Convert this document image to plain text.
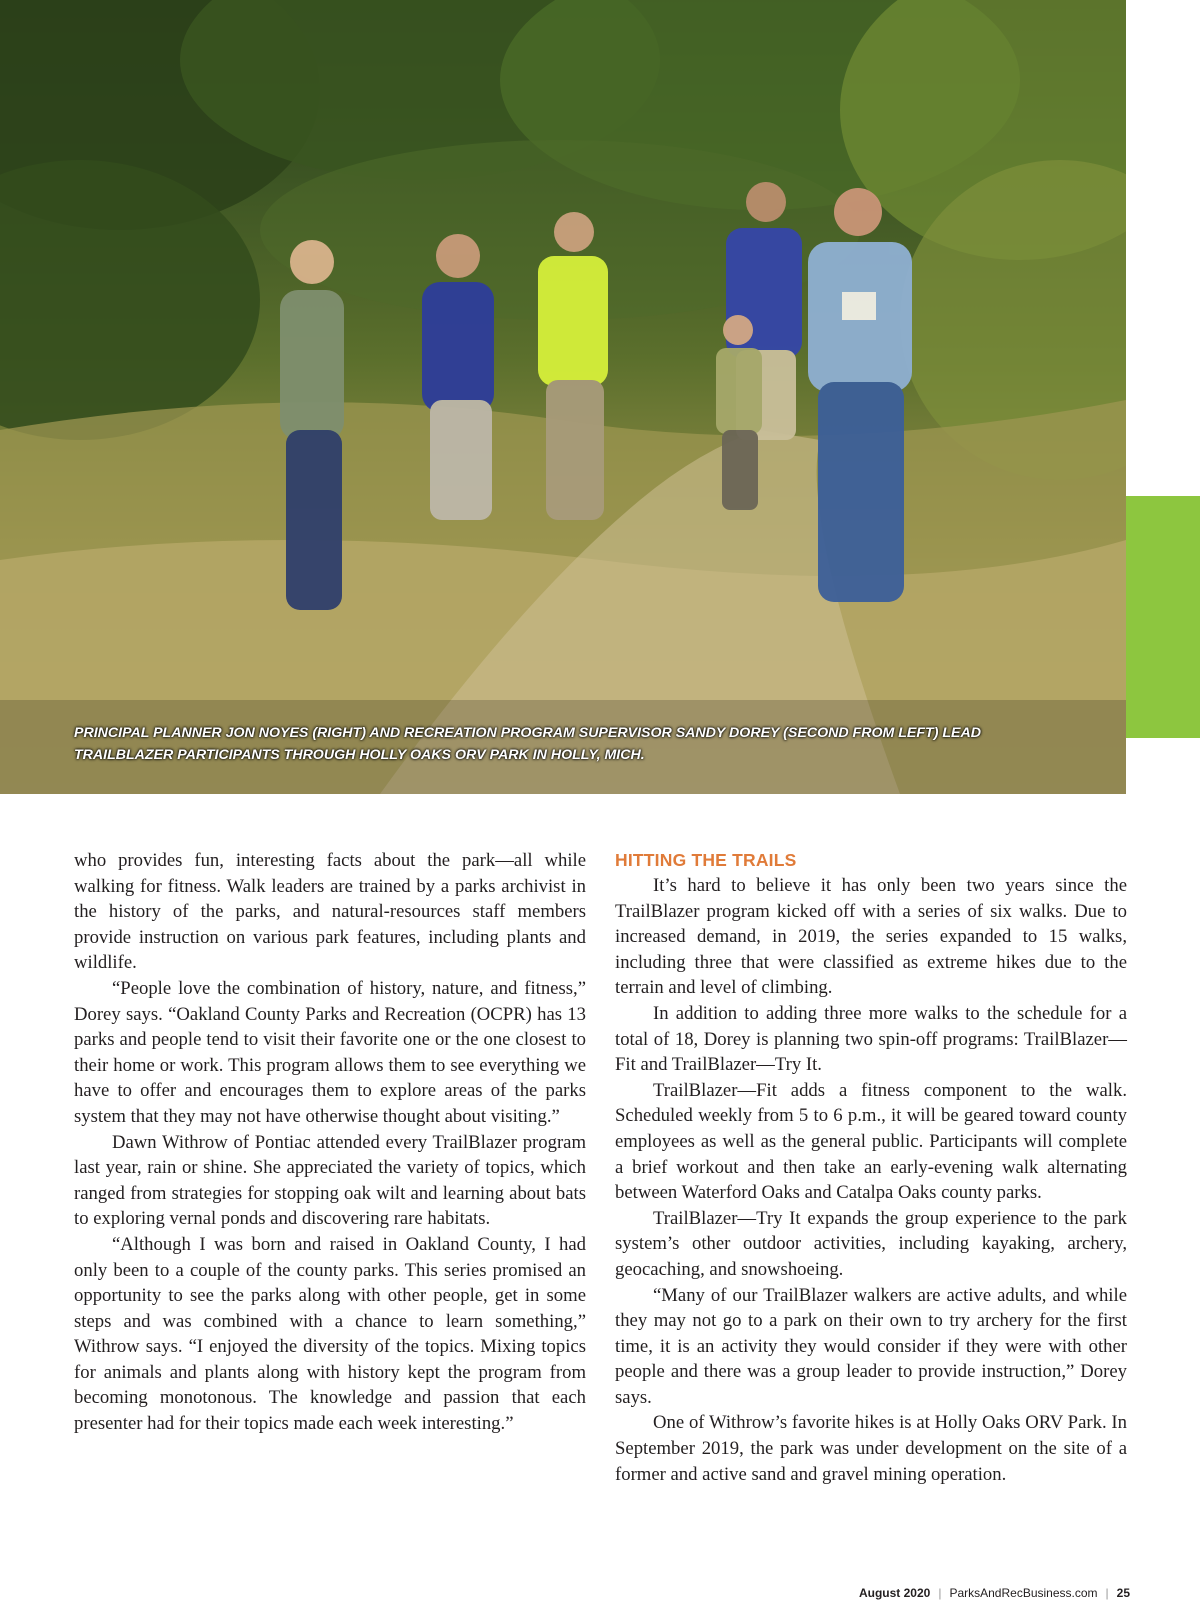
PRINCIPAL PLANNER JON NOYES (RIGHT) AND RECREATION PROGRAM SUPERVISOR SANDY DOREY (SECOND FROM LEFT) LEAD TRAILBLAZER PARTICIPANTS THROUGH HOLLY OAKS ORV PARK IN HOLLY, MICH.

who provides fun, interesting facts about the park—all while walking for fitness. Walk leaders are trained by a parks archivist in the history of the parks, and natural-resources staff members provide instruction on various park features, including plants and wildlife.

“People love the combination of history, nature, and fitness,” Dorey says. “Oakland County Parks and Recreation (OCPR) has 13 parks and people tend to visit their favorite one or the one closest to their home or work. This program allows them to see everything we have to offer and encourages them to explore areas of the parks system that they may not have otherwise thought about visiting.”

Dawn Withrow of Pontiac attended every TrailBlazer program last year, rain or shine. She appreciated the variety of topics, which ranged from strategies for stopping oak wilt and learning about bats to exploring vernal ponds and discovering rare habitats.

“Although I was born and raised in Oakland County, I had only been to a couple of the county parks. This series promised an opportunity to see the parks along with other people, get in some steps and was combined with a chance to learn something,” Withrow says. “I enjoyed the diversity of the topics. Mixing topics for animals and plants along with history kept the program from becoming monotonous. The knowledge and passion that each presenter had for their topics made each week interesting.”

HITTING THE TRAILS

It’s hard to believe it has only been two years since the TrailBlazer program kicked off with a series of six walks. Due to increased demand, in 2019, the series expanded to 15 walks, including three that were classified as extreme hikes due to the terrain and level of climbing.

In addition to adding three more walks to the schedule for a total of 18, Dorey is planning two spin-off programs: TrailBlazer—Fit and TrailBlazer—Try It.

TrailBlazer—Fit adds a fitness component to the walk. Scheduled weekly from 5 to 6 p.m., it will be geared toward county employees as well as the general public. Participants will complete a brief workout and then take an early-evening walk alternating between Waterford Oaks and Catalpa Oaks county parks.

TrailBlazer—Try It expands the group experience to the park system’s other outdoor activities, including kayaking, archery, geocaching, and snowshoeing.

“Many of our TrailBlazer walkers are active adults, and while they may not go to a park on their own to try archery for the first time, it is an activity they would consider if they were with other people and there was a group leader to provide instruction,” Dorey says.

One of Withrow’s favorite hikes is at Holly Oaks ORV Park. In September 2019, the park was under development on the site of a former and active sand and gravel mining operation.

August 2020 | ParksAndRecBusiness.com | 25
